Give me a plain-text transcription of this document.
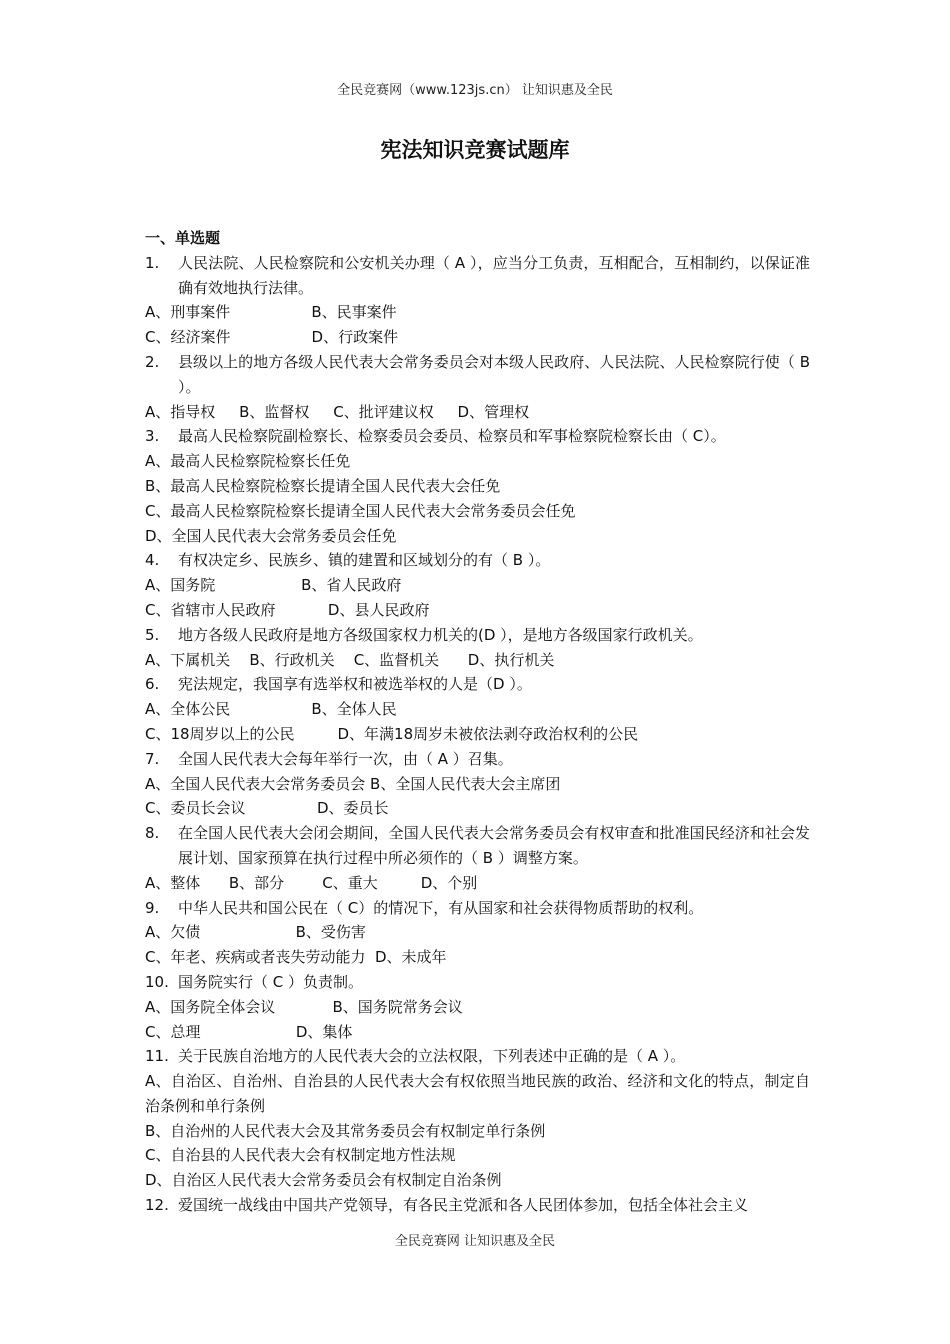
全民竞赛网（www.123js.cn） 让知识惠及全民
宪法知识竞赛试题库
一、单选题
1.	人民法院、人民检察院和公安机关办理（ A ），应当分工负责，互相配合，互相制约，以保证准确有效地执行法律。
A、刑事案件                 B、民事案件
C、经济案件                 D、行政案件
2.	县级以上的地方各级人民代表大会常务委员会对本级人民政府、人民法院、人民检察院行使（ B ）。
A、指导权     B、监督权     C、批评建议权     D、管理权
3.	最高人民检察院副检察长、检察委员会委员、检察员和军事检察院检察长由（ C）。
A、最高人民检察院检察长任免
B、最高人民检察院检察长提请全国人民代表大会任免
C、最高人民检察院检察长提请全国人民代表大会常务委员会任免
D、全国人民代表大会常务委员会任免
4.	有权决定乡、民族乡、镇的建置和区域划分的有（ B ）。
A、国务院                  B、省人民政府
C、省辖市人民政府           D、县人民政府
5.	地方各级人民政府是地方各级国家权力机关的(D ），是地方各级国家行政机关。
A、下属机关    B、行政机关    C、监督机关      D、执行机关
6.	宪法规定，我国享有选举权和被选举权的人是（D ）。
A、全体公民                 B、全体人民
C、18周岁以上的公民         D、年满18周岁未被依法剥夺政治权利的公民
7.	全国人民代表大会每年举行一次，由（ A ）召集。
A、全国人民代表大会常务委员会 B、全国人民代表大会主席团
C、委员长会议               D、委员长
8.	在全国人民代表大会闭会期间，全国人民代表大会常务委员会有权审查和批准国民经济和社会发展计划、国家预算在执行过程中所必须作的（ B ）调整方案。
A、整体      B、部分        C、重大         D、个别
9.	中华人民共和国公民在（ C）的情况下，有从国家和社会获得物质帮助的权利。
A、欠债                    B、受伤害
C、年老、疾病或者丧失劳动能力  D、未成年
10. 国务院实行（ C ）负责制。
A、国务院全体会议            B、国务院常务会议
C、总理                    D、集体
11. 关于民族自治地方的人民代表大会的立法权限，下列表述中正确的是（ A ）。
A、自治区、自治州、自治县的人民代表大会有权依照当地民族的政治、经济和文化的特点，制定自治条例和单行条例
B、自治州的人民代表大会及其常务委员会有权制定单行条例
C、自治县的人民代表大会有权制定地方性法规
D、自治区人民代表大会常务委员会有权制定自治条例
12. 爱国统一战线由中国共产党领导，有各民主党派和各人民团体参加，包括全体社会主义
全民竞赛网 让知识惠及全民
